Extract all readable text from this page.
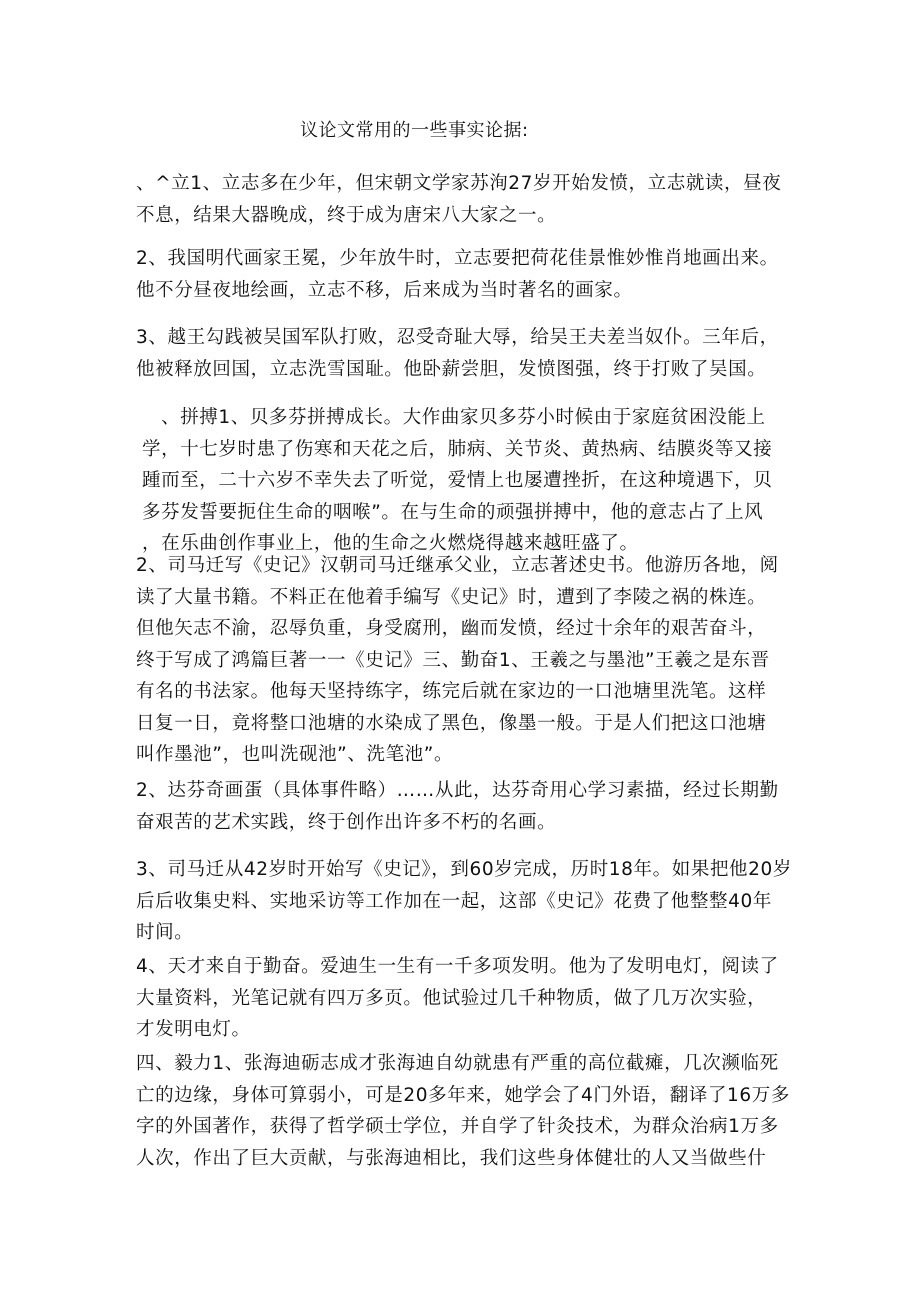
议论文常用的一些事实论据:
、^立1、立志多在少年，但宋朝文学家苏洵27岁开始发愤，立志就读，昼夜
不息，结果大器晚成，终于成为唐宋八大家之一。
2、我国明代画家王冕，少年放牛时，立志要把荷花佳景惟妙惟肖地画出来。
他不分昼夜地绘画，立志不移，后来成为当时著名的画家。
3、越王勾践被吴国军队打败，忍受奇耻大辱，给吴王夫差当奴仆。三年后，
他被释放回国，立志洗雪国耻。他卧薪尝胆，发愤图强，终于打败了吴国。
　、拼搏1、贝多芬拼搏成长。大作曲家贝多芬小时候由于家庭贫困没能上
学，十七岁时患了伤寒和天花之后，肺病、关节炎、黄热病、结膜炎等又接
踵而至，二十六岁不幸失去了听觉，爱情上也屡遭挫折，在这种境遇下，贝
多芬发誓要扼住生命的咽喉”。在与生命的顽强拼搏中，他的意志占了上风
，在乐曲创作事业上，他的生命之火燃烧得越来越旺盛了。
2、司马迁写《史记》汉朝司马迁继承父业，立志著述史书。他游历各地，阅
读了大量书籍。不料正在他着手编写《史记》时，遭到了李陵之祸的株连。
但他矢志不渝，忍辱负重，身受腐刑，幽而发愤，经过十余年的艰苦奋斗，
终于写成了鸿篇巨著一一《史记》三、勤奋1、王羲之与墨池”王羲之是东晋
有名的书法家。他每天坚持练字，练完后就在家边的一口池塘里洗笔。这样
日复一日，竟将整口池塘的水染成了黑色，像墨一般。于是人们把这口池塘
叫作墨池”，也叫洗砚池”、洗笔池”。
2、达芬奇画蛋（具体事件略）……从此，达芬奇用心学习素描，经过长期勤
奋艰苦的艺术实践，终于创作出许多不朽的名画。
3、司马迁从42岁时开始写《史记》，到60岁完成，历时18年。如果把他20岁
后后收集史料、实地采访等工作加在一起，这部《史记》花费了他整整40年
时间。
4、天才来自于勤奋。爱迪生一生有一千多项发明。他为了发明电灯，阅读了
大量资料，光笔记就有四万多页。他试验过几千种物质，做了几万次实验，
才发明电灯。
四、毅力1、张海迪砺志成才张海迪自幼就患有严重的高位截瘫，几次濒临死
亡的边缘，身体可算弱小，可是20多年来，她学会了4门外语，翻译了16万多
字的外国著作，获得了哲学硕士学位，并自学了针灸技术，为群众治病1万多
人次，作出了巨大贡献，与张海迪相比，我们这些身体健壮的人又当做些什
